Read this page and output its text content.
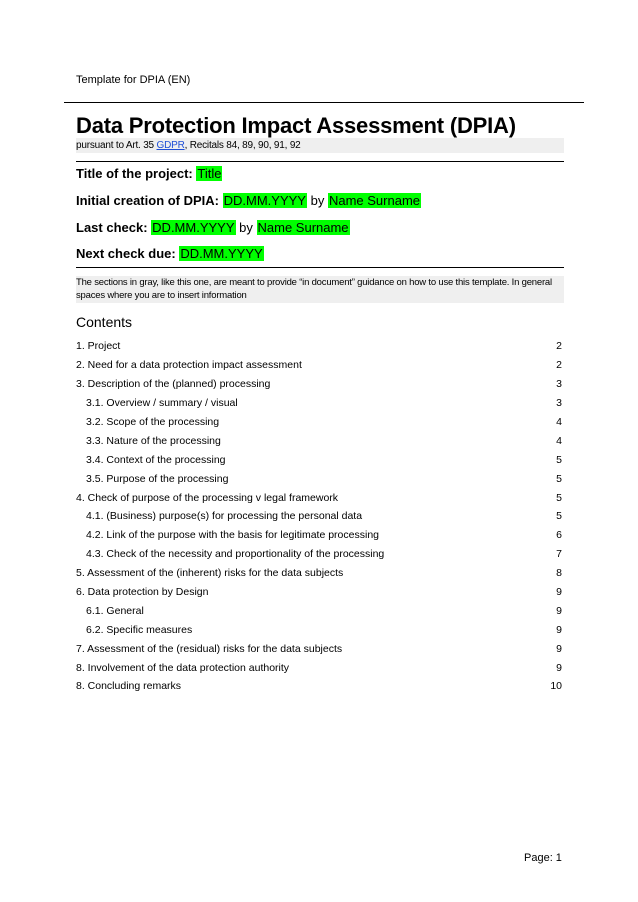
Template for DPIA (EN)
Data Protection Impact Assessment (DPIA)
pursuant to Art. 35 GDPR, Recitals 84, 89, 90, 91, 92
Title of the project: Title
Initial creation of DPIA: DD.MM.YYYY by Name Surname
Last check: DD.MM.YYYY by Name Surname
Next check due: DD.MM.YYYY
The sections in gray, like this one, are meant to provide “in document” guidance on how to use this template. In general spaces where you are to insert information
Contents
1. Project	2
2. Need for a data protection impact assessment	2
3. Description of the (planned) processing	3
3.1. Overview / summary / visual	3
3.2. Scope of the processing	4
3.3. Nature of the processing	4
3.4. Context of the processing	5
3.5. Purpose of the processing	5
4. Check of purpose of the processing v legal framework	5
4.1. (Business) purpose(s) for processing the personal data	5
4.2. Link of the purpose with the basis for legitimate processing	6
4.3. Check of the necessity and proportionality of the processing	7
5. Assessment of the (inherent) risks for the data subjects	8
6. Data protection by Design	9
6.1. General	9
6.2. Specific measures	9
7. Assessment of the (residual) risks for the data subjects	9
8. Involvement of the data protection authority	9
8. Concluding remarks	10
Page: 1
